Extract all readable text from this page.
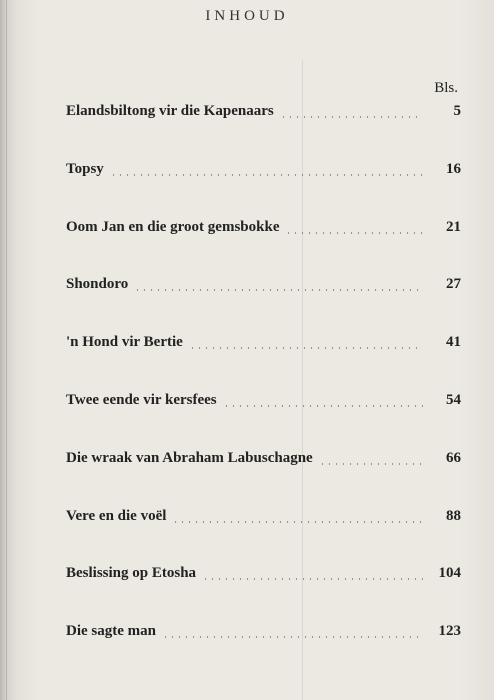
INHOUD
Bls.
Elandsbiltong vir die Kapenaars	5
Topsy	16
Oom Jan en die groot gemsbokke	21
Shondoro	27
'n Hond vir Bertie	41
Twee eende vir kersfees	54
Die wraak van Abraham Labuschagne	66
Vere en die voël	88
Beslissing op Etosha	104
Die sagte man	123
